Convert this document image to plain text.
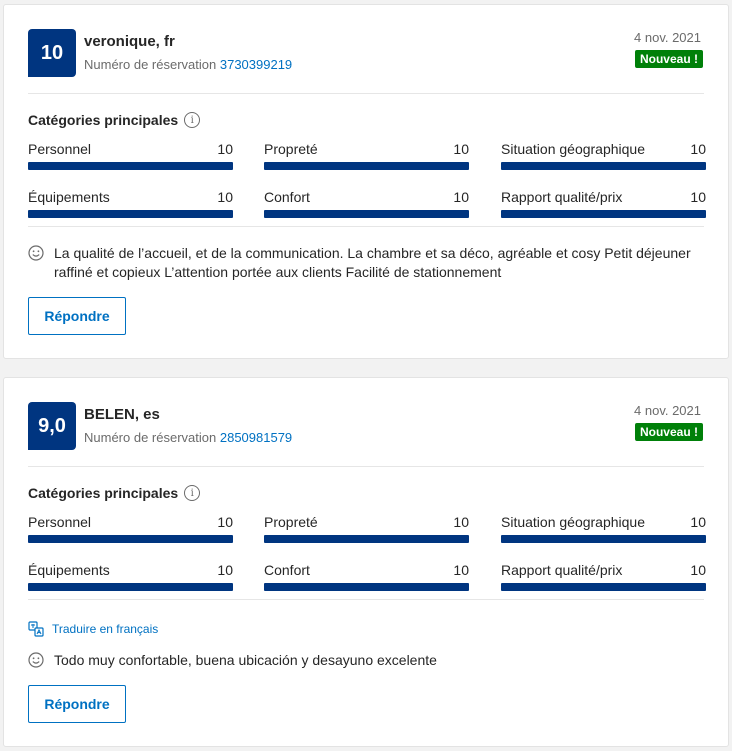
10	veronique, fr
Numéro de réservation 3730399219
4 nov. 2021
Nouveau !
Catégories principales	i
Personnel	10 Propreté	10 Situation géographique	10
Équipements	10 Confort	10 Rapport qualité/prix	10
La qualité de l’accueil, et de la communication. La chambre et sa déco, agréable et cosy Petit déjeuner raffiné et copieux L’attention portée aux clients Facilité de stationnement
Répondre
9,0	BELEN, es
Numéro de réservation 2850981579
4 nov. 2021
Nouveau !
Catégories principales	i
Personnel	10 Propreté	10 Situation géographique	10
Équipements	10 Confort	10 Rapport qualité/prix	10
Traduire en français
Todo muy confortable, buena ubicación y desayuno excelente
Répondre
